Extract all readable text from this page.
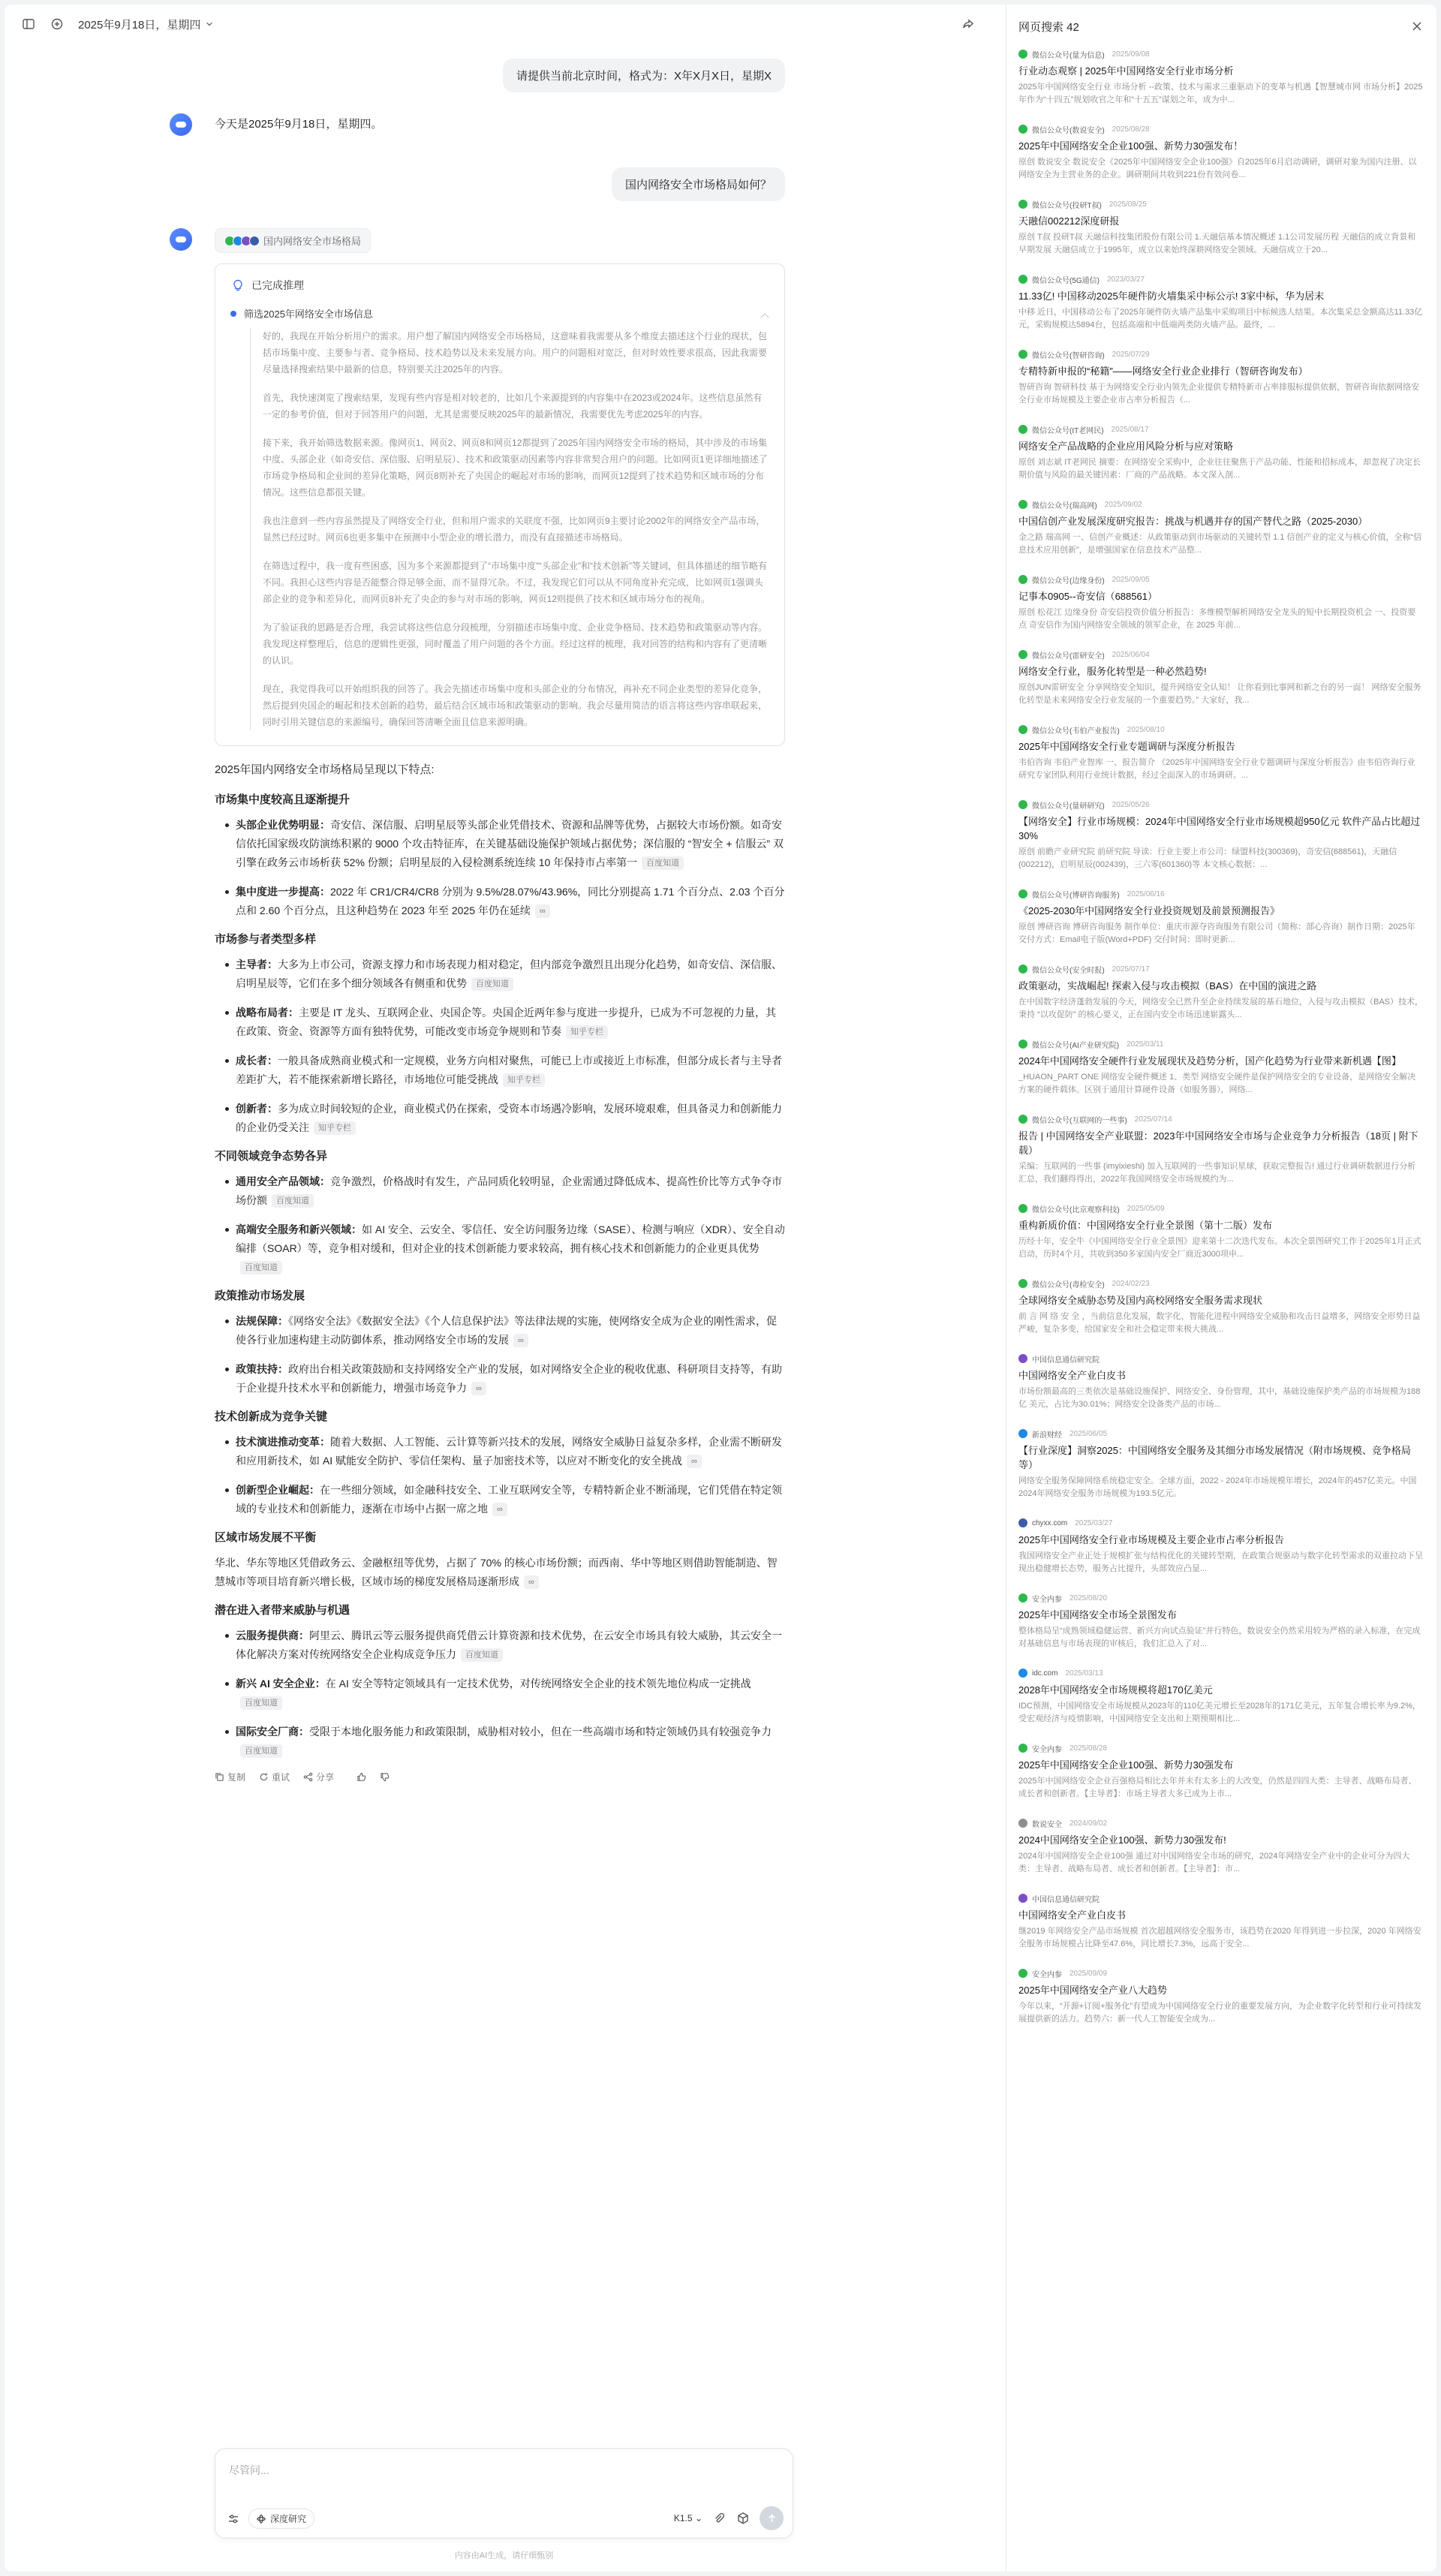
2025年9月18日，星期四
请提供当前北京时间，格式为：X年X月X日，星期X
今天是2025年9月18日，星期四。
国内网络安全市场格局如何？
国内网络安全市场格局
已完成推理
筛选2025年网络安全市场信息	︿

好的，我现在开始分析用户的需求。用户想了解国内网络安全市场格局，这意味着我需要从多个维度去描述这个行业的现状，包括市场集中度、主要参与者、竞争格局、技术趋势以及未来发展方向。用户的问题相对宽泛，但对时效性要求很高，因此我需要尽量选择搜索结果中最新的信息，特别要关注2025年的内容。

首先，我快速浏览了搜索结果，发现有些内容是相对较老的，比如几个来源提到的内容集中在2023或2024年。这些信息虽然有一定的参考价值，但对于回答用户的问题，尤其是需要反映2025年的最新情况，我需要优先考虑2025年的内容。

接下来，我开始筛选数据来源。像网页1、网页2、网页8和网页12都提到了2025年国内网络安全市场的格局，其中涉及的市场集中度、头部企业（如奇安信、深信服、启明星辰）、技术和政策驱动因素等内容非常契合用户的问题。比如网页1更详细地描述了市场竞争格局和企业间的差异化策略，网页8则补充了央国企的崛起对市场的影响，而网页12提到了技术趋势和区域市场的分布情况。这些信息都很关键。

我也注意到一些内容虽然提及了网络安全行业，但和用户需求的关联度不强，比如网页9主要讨论2002年的网络安全产品市场，显然已经过时。网页6也更多集中在预测中小型企业的增长潜力，而没有直接描述市场格局。

在筛选过程中，我一度有些困惑，因为多个来源都提到了“市场集中度”“头部企业”和“技术创新”等关键词，但具体描述的细节略有不同。我担心这些内容是否能整合得足够全面，而不显得冗杂。不过，我发现它们可以从不同角度补充完成，比如网页1强调头部企业的竞争和差异化，而网页8补充了央企的参与对市场的影响，网页12则提供了技术和区域市场分布的视角。

为了验证我的思路是否合理，我尝试将这些信息分段梳理，分别描述市场集中度、企业竞争格局、技术趋势和政策驱动等内容。我发现这样整理后，信息的逻辑性更强，同时覆盖了用户问题的各个方面。经过这样的梳理，我对回答的结构和内容有了更清晰的认识。

现在，我觉得我可以开始组织我的回答了。我会先描述市场集中度和头部企业的分布情况，再补充不同企业类型的差异化竞争，然后提到央国企的崛起和技术创新的趋势，最后结合区域市场和政策驱动的影响。我会尽量用简洁的语言将这些内容串联起来，同时引用关键信息的来源编号，确保回答清晰全面且信息来源明确。

2025年国内网络安全市场格局呈现以下特点:
市场集中度较高且逐渐提升
头部企业优势明显：奇安信、深信服、启明星辰等头部企业凭借技术、资源和品牌等优势，占据较大市场份额。如奇安信依托国家级攻防演练积累的 9000 个攻击特征库，在关键基础设施保护领域占据优势；深信服的 “智安全 + 信服云” 双引擎在政务云市场析获 52% 份额；启明星辰的入侵检测系统连续 10 年保持市占率第一 百度知道
集中度进一步提高：2022 年 CR1/CR4/CR8 分别为 9.5%/28.07%/43.96%，同比分别提高 1.71 个百分点、2.03 个百分点和 2.60 个百分点，且这种趋势在 2023 年至 2025 年仍在延续 ∞
市场参与者类型多样
主导者：大多为上市公司，资源支撑力和市场表现力相对稳定，但内部竞争激烈且出现分化趋势，如奇安信、深信服、启明星辰等，它们在多个细分领域各有侧重和优势 百度知道
战略布局者：主要是 IT 龙头、互联网企业、央国企等。央国企近两年参与度进一步提升，已成为不可忽视的力量，其在政策、资金、资源等方面有独特优势，可能改变市场竞争规则和节奏 知乎专栏
成长者：一般具备成熟商业模式和一定规模，业务方向相对聚焦，可能已上市或接近上市标准，但部分成长者与主导者差距扩大，若不能探索新增长路径，市场地位可能受挑战 知乎专栏
创新者：多为成立时间较短的企业，商业模式仍在探索，受资本市场遇冷影响，发展环境艰难，但具备灵力和创新能力的企业仍受关注 知乎专栏
不同领域竞争态势各异
通用安全产品领域：竞争激烈，价格战时有发生，产品同质化较明显，企业需通过降低成本、提高性价比等方式争夺市场份额 百度知道
高端安全服务和新兴领域：如 AI 安全、云安全、零信任、安全访问服务边缘（SASE）、检测与响应（XDR）、安全自动编排（SOAR）等，竞争相对缓和，但对企业的技术创新能力要求较高，拥有核心技术和创新能力的企业更具优势百度知道
政策推动市场发展
法规保障：《网络安全法》《数据安全法》《个人信息保护法》等法律法规的实施，使网络安全成为企业的刚性需求，促使各行业加速构建主动防御体系，推动网络安全市场的发展 ∞
政策扶持：政府出台相关政策鼓励和支持网络安全产业的发展，如对网络安全企业的税收优惠、科研项目支持等，有助于企业提升技术水平和创新能力，增强市场竞争力 ∞
技术创新成为竞争关键
技术演进推动变革：随着大数据、人工智能、云计算等新兴技术的发展，网络安全威胁日益复杂多样，企业需不断研发和应用新技术，如 AI 赋能安全防护、零信任架构、量子加密技术等，以应对不断变化的安全挑战 ∞
创新型企业崛起：在一些细分领域，如金融科技安全、工业互联网安全等，专精特新企业不断涌现，它们凭借在特定领域的专业技术和创新能力，逐渐在市场中占据一席之地 ∞
区域市场发展不平衡

华北、华东等地区凭借政务云、金融枢纽等优势，占据了 70% 的核心市场份额；而西南、华中等地区则借助智能制造、智慧城市等项目培育新兴增长极，区域市场的梯度发展格局逐渐形成 ∞

潜在进入者带来威胁与机遇
云服务提供商：阿里云、腾讯云等云服务提供商凭借云计算资源和技术优势，在云安全市场具有较大威胁，其云安全一体化解决方案对传统网络安全企业构成竞争压力 百度知道
新兴 AI 安全企业：在 AI 安全等特定领域具有一定技术优势，对传统网络安全企业的技术领先地位构成一定挑战百度知道
国际安全厂商：受限于本地化服务能力和政策限制，威胁相对较小，但在一些高端市场和特定领域仍具有较强竞争力百度知道
复制	重试	分享
尽管问...
深度研究	K1.5 ⌄
内容由AI生成，请仔细甄别
网页搜索 42
微信公众号(量为信息) 2025/09/08
行业动态观察 | 2025年中国网络安全行业市场分析
2025年中国网络安全行业 市场分析 --政策、技术与需求三重驱动下的变革与机遇【智慧城市网 市场分析】2025年作为“十四五”规划收官之年和“十五五”谋划之年，成为中...
微信公众号(数说安全) 2025/08/28
2025年中国网络安全企业100强、新势力30强发布！
原创 数说安全 数说安全《2025年中国网络安全企业100强》自2025年6月启动调研，调研对象为国内注册、以网络安全为主营业务的企业。调研期间共收到221份有效问卷...
微信公众号(投研T叔) 2025/08/25
天融信002212深度研报
原创 T叔 投研T叔 天融信科技集团股份有限公司 1.天融信基本情况概述 1.1公司发展历程 天融信的成立背景和早期发展 天融信成立于1995年，成立以来始终深耕网络安全领域。天融信成立于20...
微信公众号(5G通信) 2023/03/27
11.33亿! 中国移动2025年硬件防火墙集采中标公示! 3家中标，华为居末
中移 近日，中国移动公布了2025年硬件防火墙产品集中采购项目中标候选人结果。本次集采总金额高达11.33亿元，采购规模达5894台，包括高端和中低端两类防火墙产品。最终，...
微信公众号(智研咨询) 2025/07/29
专精特新申报的“秘籍”——网络安全行业企业排行（智研咨询发布）
智研咨询 智研科技 基于为网络安全行业内领先企业提供专精特新市占率排服标提供依据，智研咨询依据网络安全行业市场规模及主要企业市占率分析报告（...
微信公众号(IT老网民) 2025/08/17
网络安全产品战略的企业应用风险分析与应对策略
原创 刘志斌 IT老网民 摘要：在网络安全采购中，企业往往聚焦于产品功能、性能和招标成本，却忽视了决定长期价值与风险的最关键因素：厂商的产品战略。本文深入剖...
微信公众号(瑞高网) 2025/09/02
中国信创产业发展深度研究报告：挑战与机遇并存的国产替代之路（2025-2030）
金之路 瑞高网 一、信创产业概述：从政策驱动到市场驱动的关键转型 1.1 信创产业的定义与核心价值，全称“信息技术应用创新”，是增强国家在信息技术产品整...
微信公众号(边缘身份) 2025/09/05
记事本0905--奇安信（688561）
原创 松花江 边缘身份 奇安信投资价值分析报告：多维模型解析网络安全龙头的短中长期投资机会 一、投资要点 奇安信作为国内网络安全领域的领军企业，在 2025 年前...
微信公众号(雷研安全) 2025/06/04
网络安全行业，服务化转型是一种必然趋势!
原创JUN雷研安全 分享网络安全知识，提升网络安全认知！ 让你看到比事网和新之台的另一面！ 网络安全服务化转型是未来网络安全行业发展的一个重要趋势。” 大家好，我...
微信公众号(韦伯产业报告) 2025/08/10
2025年中国网络安全行业专题调研与深度分析报告
韦伯咨询 韦伯产业智库 一、报告简介 《2025年中国网络安全行业专题调研与深度分析报告》由韦伯咨询行业研究专家团队利用行业统计数据，经过全面深入的市场调研。...
微信公众号(量研研究) 2025/05/26
【网络安全】行业市场规模：2024年中国网络安全行业市场规模超950亿元 软件产品占比超过30%
原创 前瞻产业研究院 前研究院 导读：行业主要上市公司：绿盟科技(300369)，奇安信(688561)，天融信(002212)，启明星辰(002439)，三六零(601360)等 本文核心数据：...
微信公众号(博研咨询服务) 2025/06/16
《2025-2030年中国网络安全行业投资规划及前景预测报告》
原创 博研咨询 博研咨询服务 制作单位：重庆市源夺咨询服务有限公司（简称：部心咨询）制作日期：2025年 交付方式：Email电子版(Word+PDF) 交付时间：即时更新...
微信公众号(安全时报) 2025/07/17
政策驱动，实战崛起! 探索入侵与攻击模拟（BAS）在中国的演进之路
在中国数字经济蓬勃发展的今天，网络安全已然升至企业持续发展的基石地位，入侵与攻击模拟（BAS）技术，秉持 “以攻促防” 的核心要义，正在国内安全市场迅速崭露头...
微信公众号(AI产业研究院) 2025/03/11
2024年中国网络安全硬件行业发展现状及趋势分析，国产化趋势为行业带来新机遇【图】
_HUAON_PART ONE 网络安全硬件概述 1、类型 网络安全硬件是保护网络安全的专业设备，是网络安全解决方案的硬件载体。区别于通用计算硬件设备（如服务器），网络...
微信公众号(互联网的一些事) 2025/07/14
报告 | 中国网络安全产业联盟：2023年中国网络安全市场与企业竞争力分析报告（18页 | 附下载）
采编：互联网的一些事 (imyixieshi) 加入互联网的一些事知识星球，获取完整报告! 通过行业调研数据进行分析汇总，我们翻得得出，2022年我国网络安全市场规模约为...
微信公众号(比京观察科技) 2025/05/09
重构新质价值：中国网络安全行业全景图（第十二版）发布
历经十年，安全牛《中国网络安全行业全景图》迎来第十二次迭代发布。本次全景图研究工作于2025年1月正式启动，历时4个月，共收到350多家国内安全厂商近3000项申...
微信公众号(毒检安全) 2024/02/23
全球网络安全威胁态势及国内高校网络安全服务需求现状
前 言 网 络 安 全 ，当前信息化发展，数字化、智能化进程中网络安全威胁和攻击日益增多，网络安全形势日益严峻，复杂多变，给国家安全和社会稳定带来极大挑战...
中国信息通信研究院
中国网络安全产业白皮书
市场份额最高的三类依次是基础设施保护、网络安全、身份管理，其中，基础设施保护类产品的市场规模为188 亿 美元，占比为30.01%；网络安全设备类产品的市场...
新浪财经 2025/06/05
【行业深度】洞察2025：中国网络安全服务及其细分市场发展情况（附市场规模、竞争格局等）
网络安全服务保障网络系统稳定安全。全球方面，2022 - 2024年市场规模年增长，2024年的457亿美元。中国2024年网络安全服务市场规模为193.5亿元。
chyxx.com 2025/03/27
2025年中国网络安全行业市场规模及主要企业市占率分析报告
我国网络安全产业正处于规模扩张与结构优化的关键转型期，在政策合规驱动与数字化转型需求的双重拉动下呈现出稳健增长态势，服务占比提升，头部效应凸显...
安全内参 2025/08/20
2025年中国网络安全市场全景图发布
整体格局呈“成熟领域稳健运营、新兴方向试点验证”并行特色，数说安全仍然采用较为严格的录入标准，在完成对基础信息与市场表现的审核后，我们汇总入了对...
idc.com 2025/03/13
2028年中国网络安全市场规模将超170亿美元
IDC预测，中国网络安全市场规模从2023年的110亿美元增长至2028年的171亿美元，五年复合增长率为9.2%，受宏观经济与疫情影响，中国网络安全支出和上期预期相比...
安全内参 2025/08/28
2025年中国网络安全企业100强、新势力30强发布
2025年中国网络安全企业百强格局相比去年并未有太多上的大改变，仍然是四四大类：主导者、战略布局者、成长者和创新者。【主导者】：市场主导者大多已成为上市...
数说安全 2024/09/02
2024中国网络安全企业100强、新势力30强发布!
2024年中国网络安全企业100强 通过对中国网络安全市场的研究，2024年网络安全产业中的企业可分为四大类：主导者、战略布局者、成长者和创新者。【主导者】：市...
中国信息通信研究院
中国网络安全产业白皮书
继2019 年网络安全产品市场规模 首次超越网络安全服务市，该趋势在2020 年得到进一步拉深，2020 年网络安全服务市场规模占比降至47.6%，同比增长7.3%，远高于安全...
安全内参 2025/09/09
2025年中国网络安全产业八大趋势
今年以来，“开源+订阅+服务化”有望成为中国网络安全行业的重要发展方向，为企业数字化转型和行业可持续发展提供新的活力。趋势六：新一代人工智能安全成为...
